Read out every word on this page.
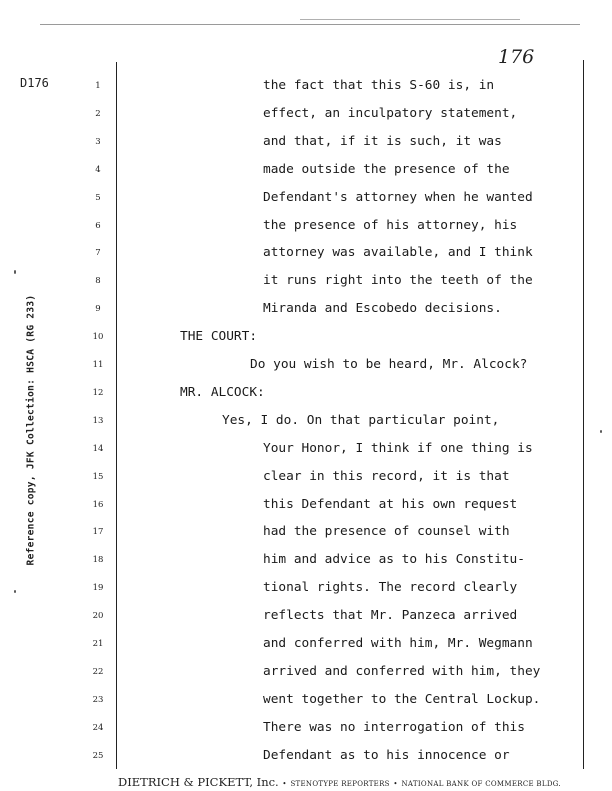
176
D176
Reference copy, JFK Collection: HSCA (RG 233)
1	the fact that this S-60 is, in
2	effect, an inculpatory statement,
3	and that, if it is such, it was
4	made outside the presence of the
5	Defendant's attorney when he wanted
6	the presence of his attorney, his
7	attorney was available, and I think
8	it runs right into the teeth of the
9	Miranda and Escobedo decisions.
10	THE COURT:
11	Do you wish to be heard, Mr. Alcock?
12	MR. ALCOCK:
13	Yes, I do. On that particular point,
14	Your Honor, I think if one thing is
15	clear in this record, it is that
16	this Defendant at his own request
17	had the presence of counsel with
18	him and advice as to his Constitu-
19	tional rights. The record clearly
20	reflects that Mr. Panzeca arrived
21	and conferred with him, Mr. Wegmann
22	arrived and conferred with him, they
23	went together to the Central Lockup.
24	There was no interrogation of this
25	Defendant as to his innocence or
DIETRICH & PICKETT, Inc. • STENOTYPE REPORTERS • NATIONAL BANK OF COMMERCE BLDG.
